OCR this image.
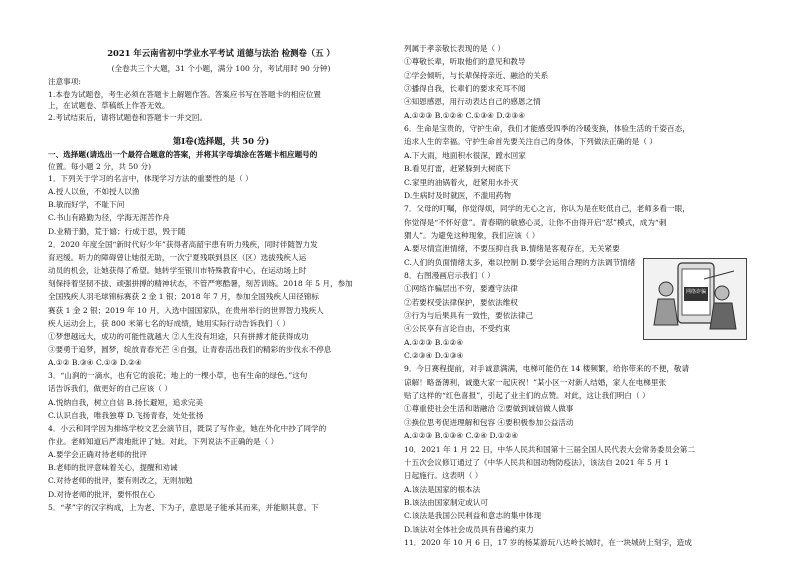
2021 年云南省初中学业水平考试 道德与法治 检测卷（五 ）
(全卷共三个大题，31 个小题，满分 100 分，考试用时 90 分钟)
注意事项:
1.本卷为试题卷，考生必须在答题卡上解题作答。答案应书写在答题卡的相应位置
上，在试题卷、草稿纸上作答无效。
2.考试结束后，请将试题卷和答题卡一并交回。
第Ⅰ卷(选择题，共 50 分)
一、选择题(请选出一个最符合题意的答案，并将其字母填涂在答题卡相应题号的
位置。每小题 2 分，共 50 分)
1．下列关于学习的名言中，体现学习方法的重要性的是（ ）
A.授人以鱼，不如授人以渔
B.敏而好学，不耻下问
C.书山有路勤为径，学海无涯苦作舟
D.业精于勤，荒于嬉；行成于思，毁于随
2．2020 年度全国“新时代好少年”获得者高韶宇患有听力残疾，同时伴随智力发
育迟缓。听力的障碍曾让她很无助，一次宁夏残联到县区（区）选拔残疾人运
动员的机会，让她获得了希望。她转学至银川市特殊教育中心，在运动场上时
刻保持着坚韧不拔、顽强拼搏的精神状态，不管严寒酷暑，刻苦训练。2018 年 5 月，参加
全国残疾人羽毛球锦标赛获 2 金 1 银；2018 年 7 月，参加全国残疾人田径锦标
赛获 1 金 2 银；2019 年 10 月，入选中国国家队，在贵州举行的世界智力残疾人
疾人运动会上，获 800 米第七名的好成绩，她用实际行动告诉我们（ ）
①梦想越远大，成功的可能性就越大 ②人生没有坦途，只有拼搏才能获得成功
③要勇于追梦，圆梦，绽放青春光芒 ④自强，让青春活出我们的精彩的步伐永不停息
A.①② B.③④ C.①③ D.②④
3．“山涧的一滴水，也有它的浪花；地上的一棵小草，也有生命的绿色。”这句
话告诉我们，做更好的自己应该（ ）
A.悦纳自我，树立自信 B.扬长避短，追求完美
C.认识自我，唯我独尊 D.飞扬青春，处处张扬
4．小云和同学因为排练学校文艺会演节目，既误了写作业，她在外化中抄了同学的
作业。老师知道后严肃地批评了她。对此，下列说法不正确的是（ ）
A.要学会正确对待老师的批评
B.老师的批评意味着关心，提醒和劝诫
C.对待老师的批评，要有则改之，无则加勉
D.对待老师的批评，要怀恨在心
5．“孝”字的汉字构成，上为老、下为子，意思是子能承其而来，并能顺其意。下
列属于孝亲敬长表现的是（ ）
①尊敬长辈，听取他们的意见和教导
②学会倾听，与长辈保持亲近、融洽的关系
③播得自我，长辈们的要求充耳不闻
④知恩感恩，用行动表达自己的感恩之情
A.①②③ B.①②④ C.①③④ D.②③④
6．生命是宝贵的，守护生命，我们才能感受四季的冷暖变换，体验生活的千姿百态，
追求人生的幸福。守护生命首先要关注自己的身体，下列做法正确的是（ ）
A.下大雨，地面积水很深，蹚水回家
B.看见打雷，赶紧躲到大树底下
C.家里的油锅着火，赶紧用水扑灭
D.生病时及时就医，不滥用药物
7．父母的叮嘱，你觉得烦，同学的无心之言，你认为是在贬低自己，老师多看一眼，
你觉得是“不怀好意”。青春期的敏感心灵，让你不由得开启“怼”模式，成为“刺
猬人”。为避免这种现象，我们应该（ ）
A.要尽情宣泄情绪，不要压抑自我 B.情绪是客观存在，无关紧要
C.人们的负面情绪太多，难以控制 D.要学会运用合理的方法调节情绪
8．右图漫画启示我们（ ）
①网络诈骗层出不穷，要遵守法律
②若要权受法律保护，要依法维权
③行为与后果具有一致性，要依法律己
④公民享有言论自由，不受约束
A.①②③ B.①②④
C.②③④ D.①③④
9．今日赛程提前，对手诚意满满，电梯可能仍在 14 楼频繁，给你带来的不便，敬请
谅解！略备薄利，诚邀大家一起庆祝！”某小区一对新人结婚，家人在电梯里张
贴了这样的“红色喜报”，引起了业主们的点赞。对此，这让我们明白（ ）
①尊重使社会生活和谐融洽 ②要做到诚信做人做事
③换位思考促进理解和包容 ④要积极参加公益活动
A.①②③ B.①③④ C.②④ D.①②④
10．2021 年 1 月 22 日，中华人民共和国第十三届全国人民代表大会常务委员会第二
十五次会议修订通过了《中华人民共和国动物防疫法》，该法自 2021 年 5 月 1
日起施行。这表明（ ）
A.该法是国家的根本法
B.该法由国家制定或认可
C.该法是我国公民利益和意志的集中体现
D.该法对全体社会成员具有普遍约束力
11．2020 年 10 月 6 日，17 岁的杨某游玩八达岭长城时，在一块城砖上刻字，造成
网络诈骗
